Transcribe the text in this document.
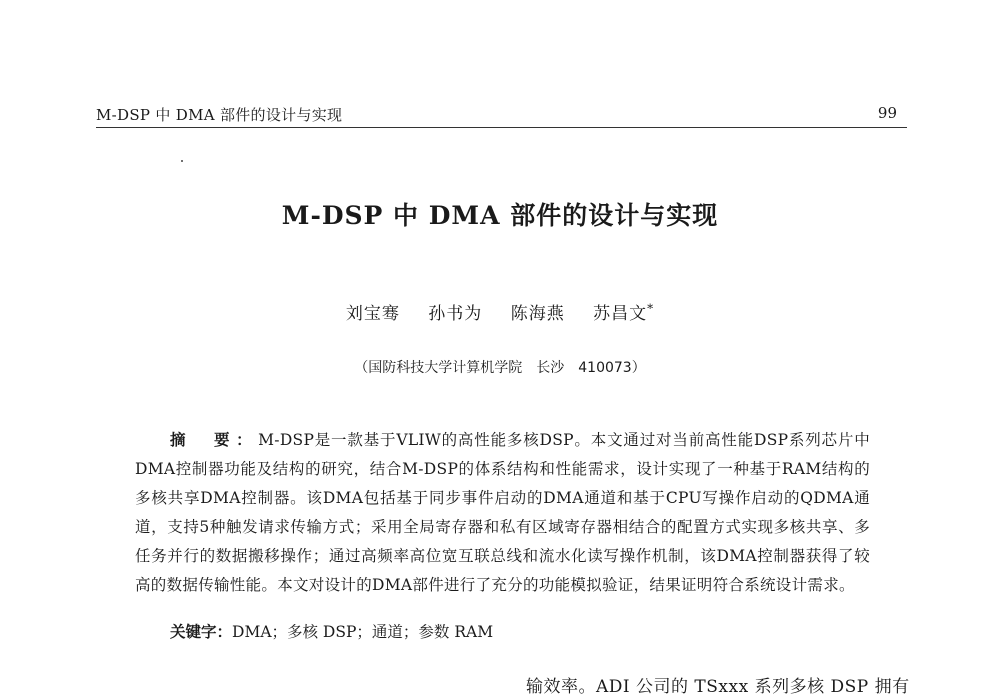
M-DSP 中 DMA 部件的设计与实现	99
M-DSP 中 DMA 部件的设计与实现
刘宝骞 孙书为 陈海燕 苏昌文*
（国防科技大学计算机学院　长沙　410073）
摘　要：M-DSP是一款基于VLIW的高性能多核DSP。本文通过对当前高性能DSP系列芯片中DMA控制器功能及结构的研究，结合M-DSP的体系结构和性能需求，设计实现了一种基于RAM结构的多核共享DMA控制器。该DMA包括基于同步事件启动的DMA通道和基于CPU写操作启动的QDMA通道，支持5种触发请求传输方式；采用全局寄存器和私有区域寄存器相结合的配置方式实现多核共享、多任务并行的数据搬移操作；通过高频率高位宽互联总线和流水化读写操作机制，该DMA控制器获得了较高的数据传输性能。本文对设计的DMA部件进行了充分的功能模拟验证，结果证明符合系统设计需求。
关键字：DMA；多核 DSP；通道；参数 RAM
输效率。ADI 公司的 TSxxx 系列多核 DSP 拥有
